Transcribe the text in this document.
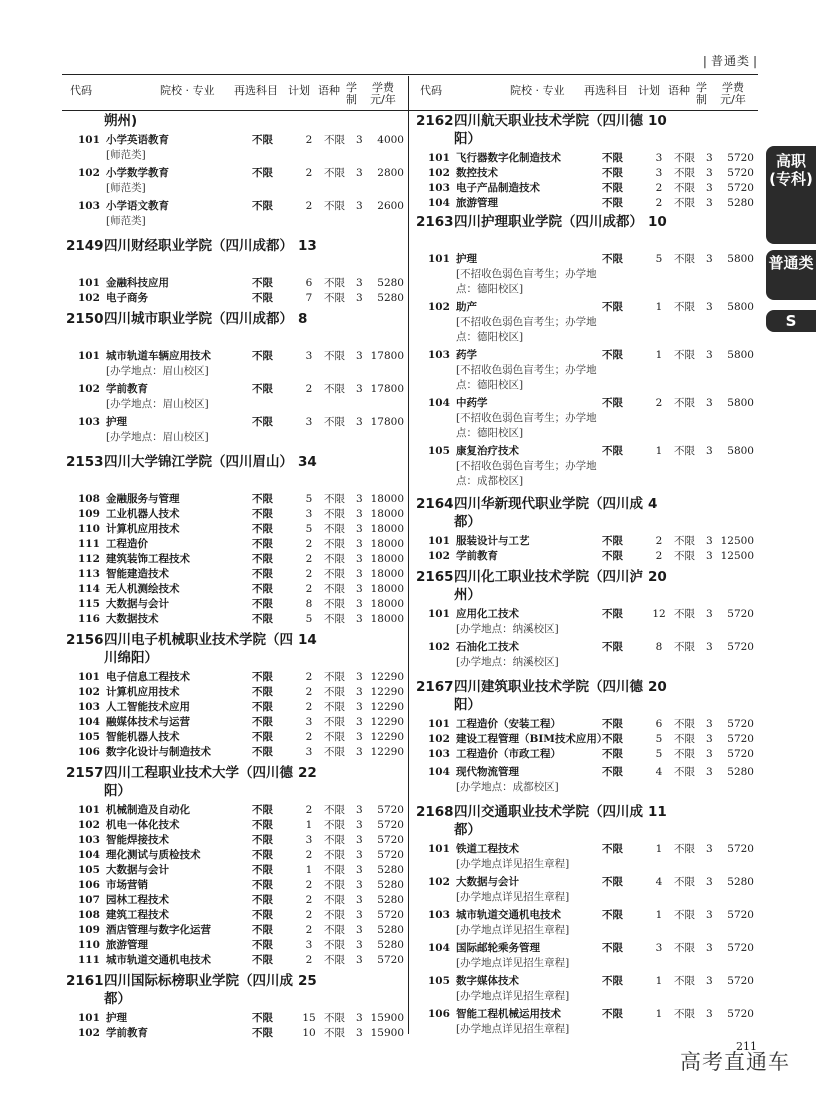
| 普通类 |
代码	院校 · 专业 再选科目 计划 语种 学制
学费元/年
代码	院校 · 专业 再选科目 计划 语种 学制
学费元/年
朔州)
101 小学英语教育	不限	2	不限 3	4000
[师范类]
102 小学数学教育	不限	2	不限 3	2800
[师范类]
103 小学语文教育	不限	2	不限 3	2600
[师范类]
2149 四川财经职业学院（四川成都） 13
101 金融科技应用	不限	6	不限 3	5280
102 电子商务	不限	7	不限 3	5280
2150 四川城市职业学院（四川成都） 8
101 城市轨道车辆应用技术	不限	3	不限 3 17800
[办学地点：眉山校区]
102 学前教育	不限	2	不限 3 17800
[办学地点：眉山校区]
103 护理	不限	3	不限 3 17800
[办学地点：眉山校区]
2153 四川大学锦江学院（四川眉山） 34
108 金融服务与管理	不限	5	不限 3 18000
109 工业机器人技术	不限	3	不限 3 18000
110 计算机应用技术	不限	5	不限 3 18000
111 工程造价	不限	2	不限 3 18000
112 建筑装饰工程技术	不限	2	不限 3 18000
113 智能建造技术	不限	2	不限 3 18000
114 无人机测绘技术	不限	2	不限 3 18000
115 大数据与会计	不限	8	不限 3 18000
116 大数据技术	不限	5	不限 3 18000
2156 四川电子机械职业技术学院（四川绵阳）
14
101 电子信息工程技术	不限	2	不限 3 12290
102 计算机应用技术	不限	2	不限 3 12290
103 人工智能技术应用	不限	2	不限 3 12290
104 融媒体技术与运营	不限	3	不限 3 12290
105 智能机器人技术	不限	2	不限 3 12290
106 数字化设计与制造技术	不限	3	不限 3 12290
2157 四川工程职业技术大学（四川德阳）
22
101 机械制造及自动化	不限	2	不限 3	5720
102 机电一体化技术	不限	1	不限 3	5720
103 智能焊接技术	不限	3	不限 3	5720
104 理化测试与质检技术	不限	2	不限 3	5720
105 大数据与会计	不限	1	不限 3	5280
106 市场营销	不限	2	不限 3	5280
107 园林工程技术	不限	2	不限 3	5280
108 建筑工程技术	不限	2	不限 3	5720
109 酒店管理与数字化运营	不限	2	不限 3	5280
110 旅游管理	不限	3	不限 3	5280
111 城市轨道交通机电技术	不限	2	不限 3	5720
2161 四川国际标榜职业学院（四川成都）
25
101 护理	不限	15 不限 3 15900
102 学前教育	不限	10 不限 3 15900
2162 四川航天职业技术学院（四川德阳）
10
101 飞行器数字化制造技术	不限	3	不限 3	5720
102 数控技术	不限	3	不限 3	5720
103 电子产品制造技术	不限	2	不限 3	5720
104 旅游管理	不限	2	不限 3	5280
2163 四川护理职业学院（四川成都） 10
101 护理	不限	5	不限 3	5800
[不招收色弱色盲考生；办学地点：德阳校区]
102 助产	不限	1	不限 3	5800
[不招收色弱色盲考生；办学地点：德阳校区]
103 药学	不限	1	不限 3	5800
[不招收色弱色盲考生；办学地点：德阳校区]
104 中药学	不限	2	不限 3	5800
[不招收色弱色盲考生；办学地点：德阳校区]
105 康复治疗技术	不限	1	不限 3	5800
[不招收色弱色盲考生；办学地点：成都校区]
2164 四川华新现代职业学院（四川成都）
4
101 服装设计与工艺	不限	2	不限 3 12500
102 学前教育	不限	2	不限 3 12500
2165 四川化工职业技术学院（四川泸州）
20
101 应用化工技术	不限	12 不限 3	5720
[办学地点：纳溪校区]
102 石油化工技术	不限	8	不限 3	5720
[办学地点：纳溪校区]
2167 四川建筑职业技术学院（四川德阳）
20
101 工程造价（安装工程）	不限	6	不限 3	5720
102 建设工程管理（BIM技术应用）
不限	5	不限 3	5720
103 工程造价（市政工程）	不限	5	不限 3	5720
104 现代物流管理	不限	4	不限 3	5280
[办学地点：成都校区]
2168 四川交通职业技术学院（四川成都）
11
101 铁道工程技术	不限	1	不限 3	5720
[办学地点详见招生章程]
102 大数据与会计	不限	4	不限 3	5280
[办学地点详见招生章程]
103 城市轨道交通机电技术	不限	1	不限 3	5720
[办学地点详见招生章程]
104 国际邮轮乘务管理	不限	3	不限 3	5720
[办学地点详见招生章程]
105 数字媒体技术	不限	1	不限 3	5720
[办学地点详见招生章程]
106 智能工程机械运用技术	不限	1	不限 3	5720
[办学地点详见招生章程]
高职(专科)
普通类
S
211
高考直通车
